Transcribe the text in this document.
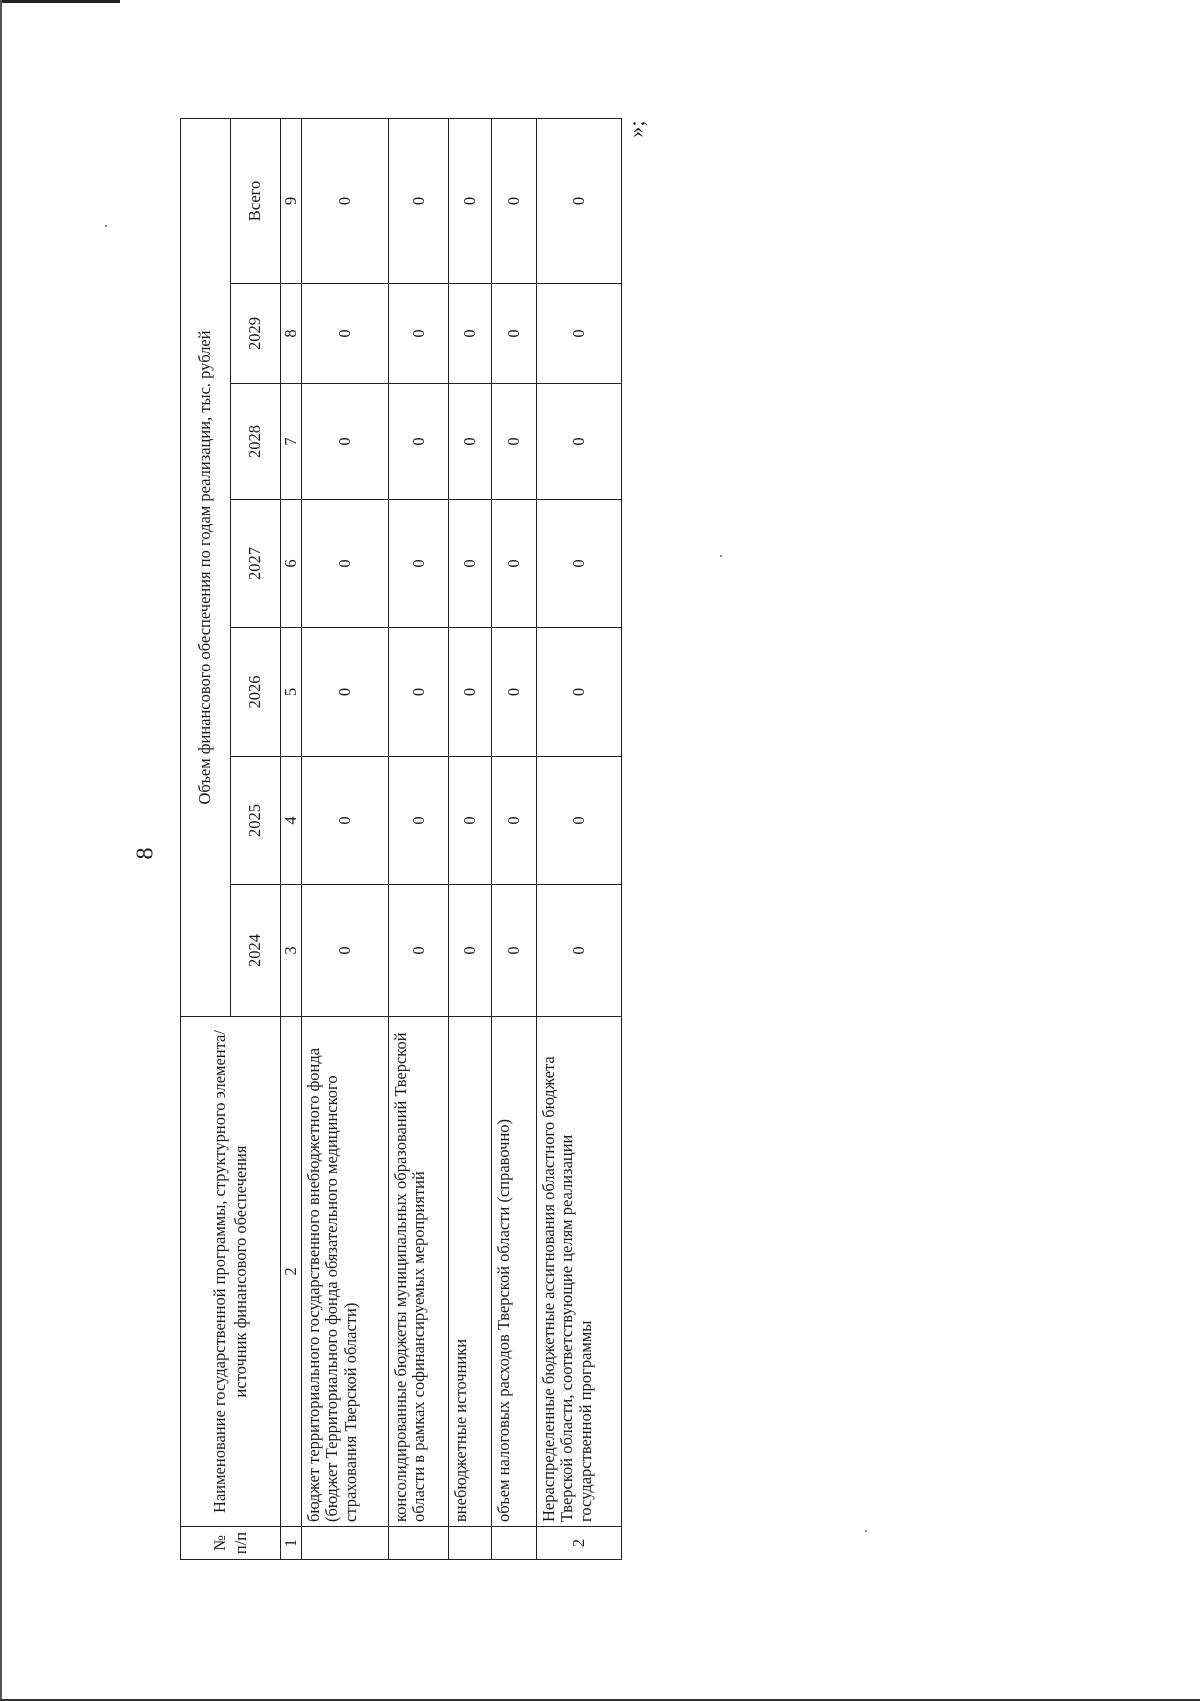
8
»;
№ п/п	Наименование государственной программы, структурного элемента/источник финансового обеспечения	Объем финансового обеспечения по годам реализации, тыс. рублей						
		2024	2025	2026	2027	2028	2029	Всего
1	2	3	4	5	6	7	8	9
	бюджет территориального государственного внебюджетного фонда (бюджет Территориального фонда обязательного медицинского страхования Тверской области)	0	0	0	0	0	0	0
	консолидированные бюджеты муниципальных образований Тверской области в рамках софинансируемых мероприятий	0	0	0	0	0	0	0
	внебюджетные источники	0	0	0	0	0	0	0
	объем налоговых расходов Тверской области (справочно)	0	0	0	0	0	0	0
2	Нераспределенные бюджетные ассигнования областного бюджета Тверской области, соответствующие целям реализации государственной программы	0	0	0	0	0	0	0
